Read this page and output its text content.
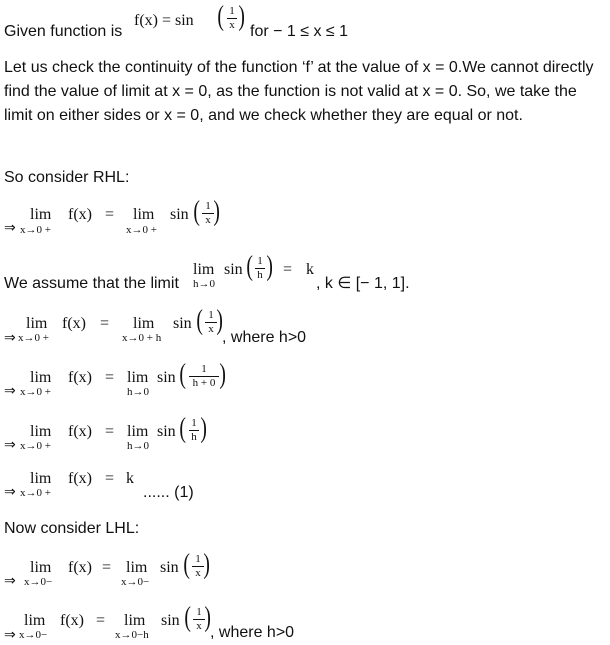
Given function is
f(x) = sin ( 1
x ) for − 1 ≤ x ≤ 1
Let us check the continuity of the function ‘f’ at the value of x = 0.We cannot directly find the value of limit at x = 0, as the function is not valid at x = 0. So, we take the limit on either sides or x = 0, and we check whether they are equal or not.
So consider RHL:
⇒
lim
x→0 +
f(x) = lim
x→0 +
sin ( 1
x )
We assume that the limit
lim
h→0
sin ( 1
h ) = k
, k ∈ [− 1, 1].
⇒
lim
x→0 +
f(x) = lim
x→0 + h
sin ( 1
x )
, where h>0
⇒
lim
x→0 +
f(x) = lim
h→0
sin (	1
h + 0 )
⇒
lim
x→0 +
f(x) = lim
h→0
sin ( 1
h )
⇒
lim
x→0 +
f(x) = k
...... (1)
Now consider LHL:
⇒
lim
x→0−
f(x) = lim
x→0−
sin ( 1
x )
⇒
lim
x→0−
f(x) = lim
x→0−h
sin ( 1
x ) , where h>0
